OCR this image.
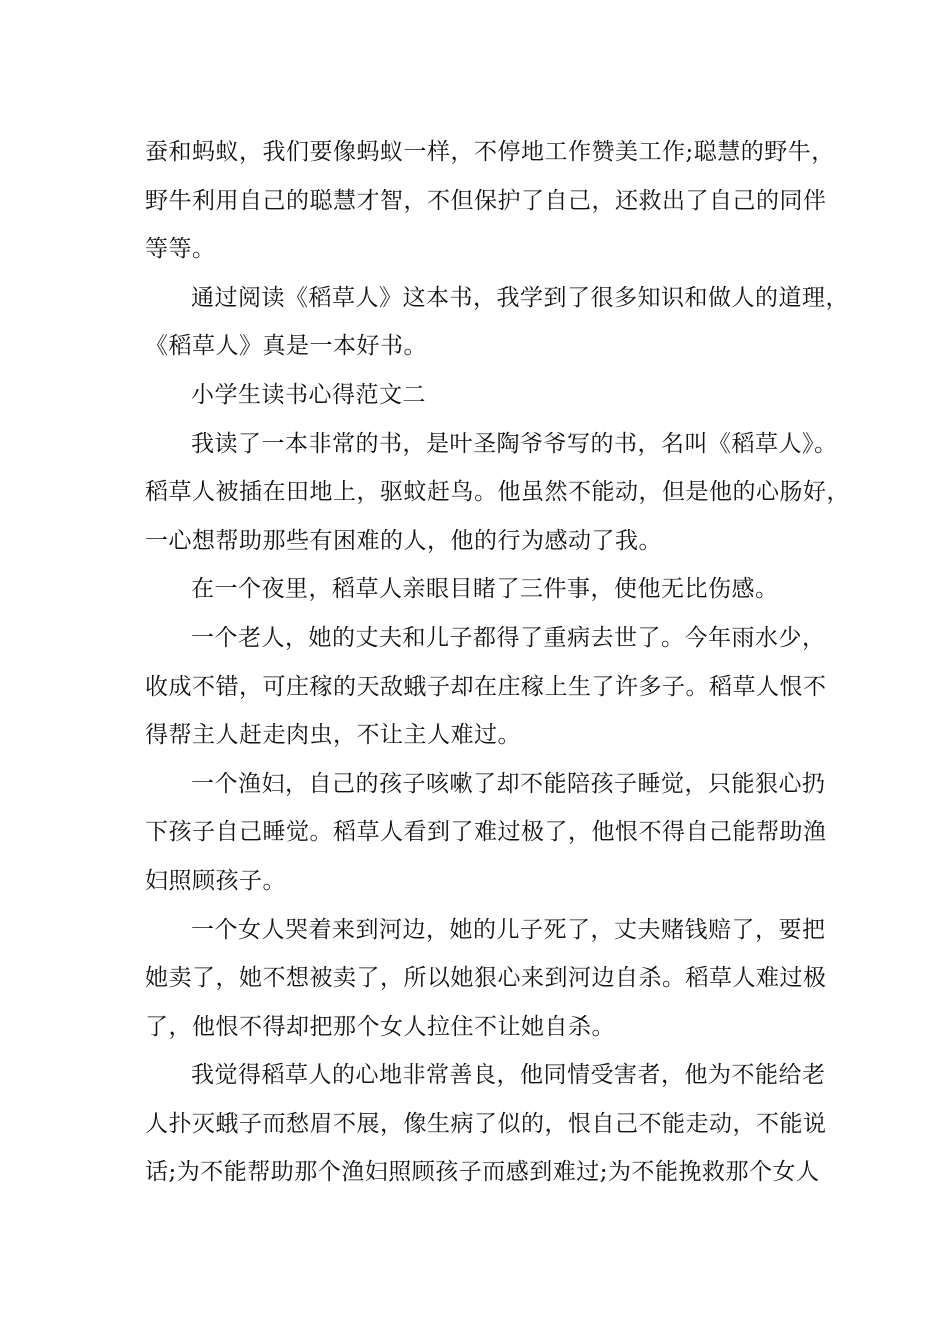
蚕和蚂蚁，我们要像蚂蚁一样，不停地工作赞美工作;聪慧的野牛，
野牛利用自己的聪慧才智，不但保护了自己，还救出了自己的同伴
等等。

通过阅读《稻草人》这本书，我学到了很多知识和做人的道理，
《稻草人》真是一本好书。

小学生读书心得范文二

我读了一本非常的书，是叶圣陶爷爷写的书，名叫《稻草人》。
稻草人被插在田地上，驱蚊赶鸟。他虽然不能动，但是他的心肠好，
一心想帮助那些有困难的人，他的行为感动了我。

在一个夜里，稻草人亲眼目睹了三件事，使他无比伤感。

一个老人，她的丈夫和儿子都得了重病去世了。今年雨水少，
收成不错，可庄稼的天敌蛾子却在庄稼上生了许多子。稻草人恨不
得帮主人赶走肉虫，不让主人难过。

一个渔妇，自己的孩子咳嗽了却不能陪孩子睡觉，只能狠心扔
下孩子自己睡觉。稻草人看到了难过极了，他恨不得自己能帮助渔
妇照顾孩子。

一个女人哭着来到河边，她的儿子死了，丈夫赌钱赔了，要把
她卖了，她不想被卖了，所以她狠心来到河边自杀。稻草人难过极
了，他恨不得却把那个女人拉住不让她自杀。

我觉得稻草人的心地非常善良，他同情受害者，他为不能给老
人扑灭蛾子而愁眉不展，像生病了似的，恨自己不能走动，不能说
话;为不能帮助那个渔妇照顾孩子而感到难过;为不能挽救那个女人
